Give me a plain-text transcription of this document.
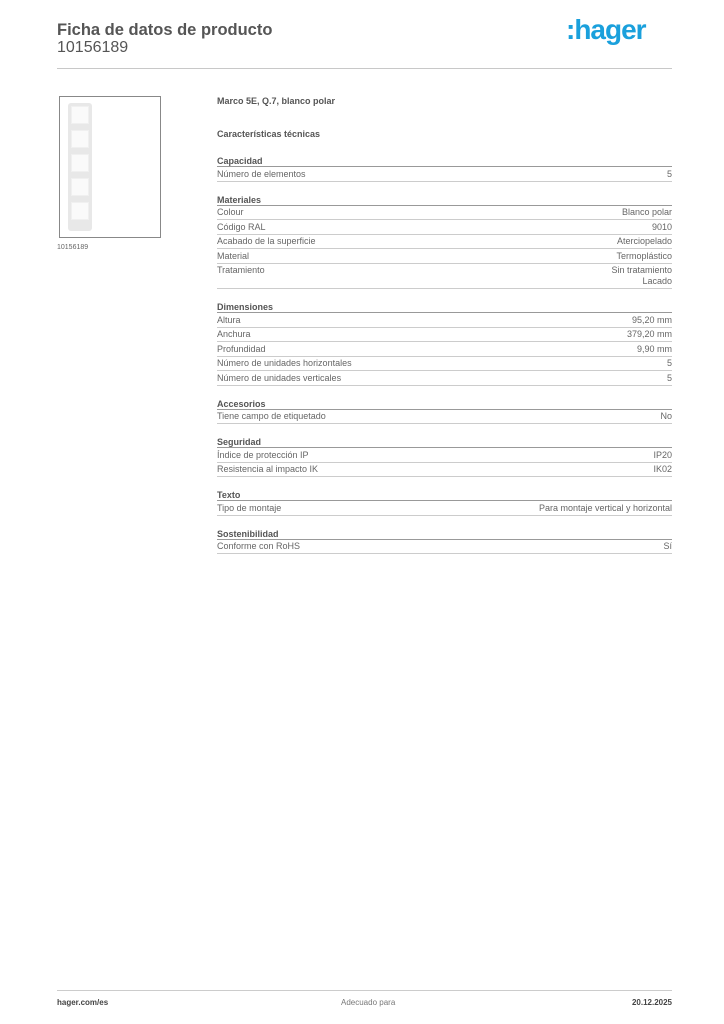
Ficha de datos de producto
10156189
:hager
10156189
Marco 5E, Q.7, blanco polar
Características técnicas
Capacidad
Número de elementos	5
Materiales
Colour	Blanco polar
Código RAL	9010
Acabado de la superficie	Aterciopelado
Material	Termoplástico
Tratamiento	Sin tratamiento
Lacado
Dimensiones
Altura	95,20 mm
Anchura	379,20 mm
Profundidad	9,90 mm
Número de unidades horizontales	5
Número de unidades verticales	5
Accesorios
Tiene campo de etiquetado	No
Seguridad
Índice de protección IP	IP20
Resistencia al impacto IK	IK02
Texto
Tipo de montaje	Para montaje vertical y horizontal
Sostenibilidad
Conforme con RoHS	Sí
hager.com/es	Adecuado para	20.12.2025
